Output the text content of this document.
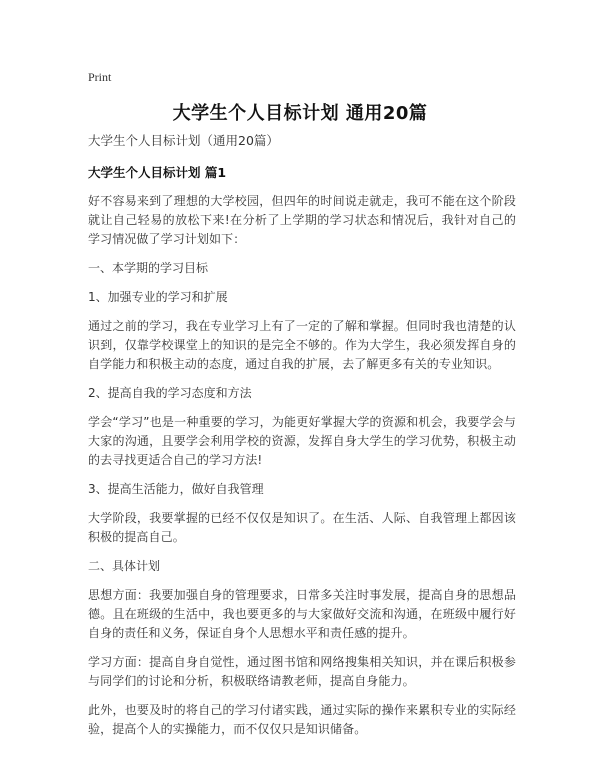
Print
大学生个人目标计划 通用20篇
大学生个人目标计划（通用20篇）
大学生个人目标计划 篇1
好不容易来到了理想的大学校园，但四年的时间说走就走，我可不能在这个阶段就让自己轻易的放松下来!在分析了上学期的学习状态和情况后，我针对自己的学习情况做了学习计划如下：
一、本学期的学习目标
1、加强专业的学习和扩展
通过之前的学习，我在专业学习上有了一定的了解和掌握。但同时我也清楚的认识到，仅靠学校课堂上的知识的是完全不够的。作为大学生，我必须发挥自身的自学能力和积极主动的态度，通过自我的扩展，去了解更多有关的专业知识。
2、提高自我的学习态度和方法
学会“学习”也是一种重要的学习，为能更好掌握大学的资源和机会，我要学会与大家的沟通，且要学会利用学校的资源，发挥自身大学生的学习优势，积极主动的去寻找更适合自己的学习方法!
3、提高生活能力，做好自我管理
大学阶段，我要掌握的已经不仅仅是知识了。在生活、人际、自我管理上都因该积极的提高自己。
二、具体计划
思想方面：我要加强自身的管理要求，日常多关注时事发展，提高自身的思想品德。且在班级的生活中，我也要更多的与大家做好交流和沟通，在班级中履行好自身的责任和义务，保证自身个人思想水平和责任感的提升。
学习方面：提高自身自觉性，通过图书馆和网络搜集相关知识，并在课后积极参与同学们的讨论和分析，积极联络请教老师，提高自身能力。
此外，也要及时的将自己的学习付诸实践，通过实际的操作来累积专业的实际经验，提高个人的实操能力，而不仅仅只是知识储备。
